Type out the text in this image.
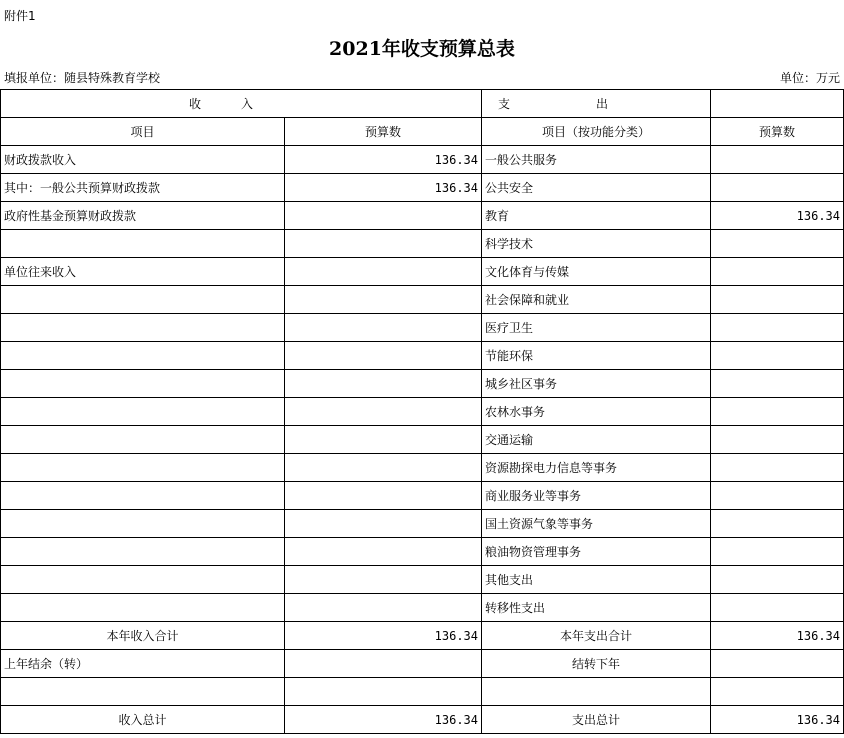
附件1
2021年收支预算总表
填报单位：随县特殊教育学校	单位：万元
收入		支出	
项目	预算数	项目（按功能分类）	预算数
财政拨款收入	136.34	一般公共服务	
其中：一般公共预算财政拨款	136.34	公共安全	
政府性基金预算财政拨款		教育	136.34
		科学技术	
单位往来收入		文化体育与传媒	
		社会保障和就业	
		医疗卫生	
		节能环保	
		城乡社区事务	
		农林水事务	
		交通运输	
		资源勘探电力信息等事务	
		商业服务业等事务	
		国土资源气象等事务	
		粮油物资管理事务	
		其他支出	
		转移性支出	
本年收入合计	136.34	本年支出合计	136.34
上年结余（转）		结转下年	

收入总计	136.34	支出总计	136.34
